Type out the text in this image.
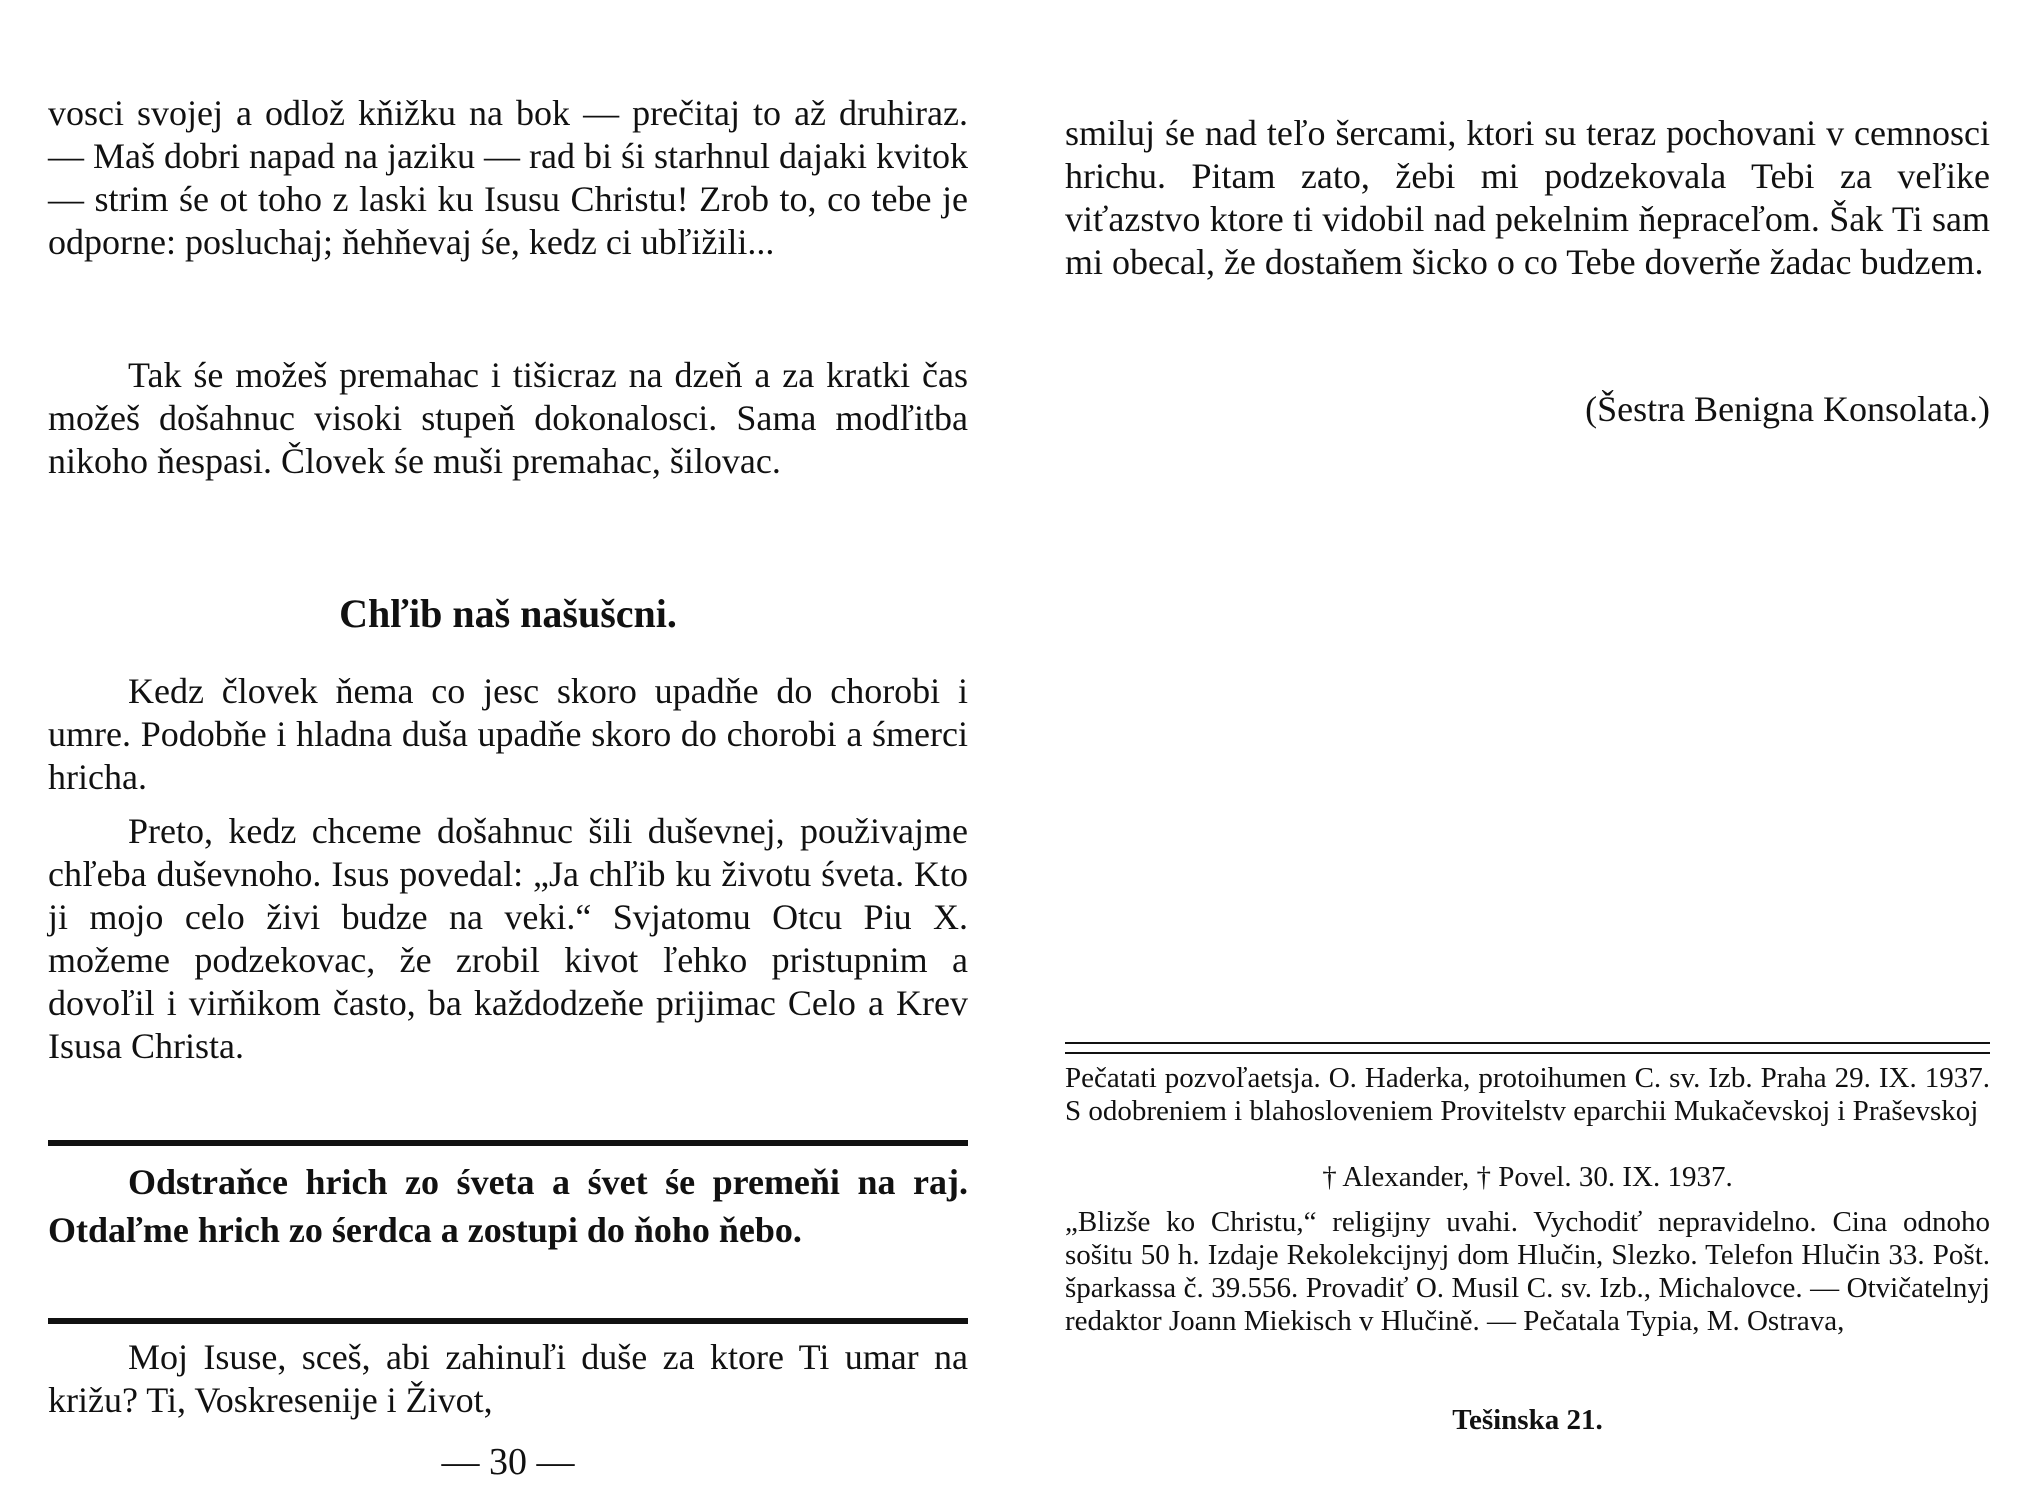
vosci svojej a odlož kňižku na bok — prečitaj to až druhiraz. — Maš dobri napad na jaziku — rad bi śi starhnul dajaki kvitok — strim śe ot toho z laski ku Isusu Christu! Zrob to, co tebe je odporne: posluchaj; ňehňevaj śe, kedz ci ubľižili...

Tak śe možeš premahac i tišicraz na dzeň a za kratki čas možeš došahnuc visoki stupeň dokonalosci. Sama modľitba nikoho ňespasi. Človek śe muši premahac, šilovac.

Chľib naš našušcni.

Kedz človek ňema co jesc skoro upadňe do chorobi i umre. Podobňe i hladna duša upadňe skoro do chorobi a śmerci hricha.

Preto, kedz chceme došahnuc šili duševnej, použivajme chľeba duševnoho. Isus povedal: „Ja chľib ku životu śveta. Kto ji mojo celo živi budze na veki.“ Svjatomu Otcu Piu X. možeme podzekovac, že zrobil kivot ľehko pristupnim a dovoľil i virňikom často, ba každodzeňe prijimac Celo a Krev Isusa Christa.

Odstraňce hrich zo śveta a śvet śe premeňi na raj. Otdaľme hrich zo śerdca a zostupi do ňoho ňebo.

Moj Isuse, sceš, abi zahinuľi duše za ktore Ti umar na križu? Ti, Voskresenije i Život,

— 30 —

smiluj śe nad teľo šercami, ktori su teraz pochovani v cemnosci hrichu. Pitam zato, žebi mi podzekovala Tebi za veľike viťazstvo ktore ti vidobil nad pekelnim ňepraceľom. Šak Ti sam mi obecal, že dostaňem šicko o co Tebe doverňe žadac budzem.

(Šestra Benigna Konsolata.)

Pečatati pozvoľaetsja. O. Haderka, protoihumen C. sv. Izb. Praha 29. IX. 1937. S odobreniem i blahosloveniem Provitelstv eparchii Mukačevskoj i Praševskoj

† Alexander, † Povel. 30. IX. 1937.

„Blizše ko Christu,“ religijny uvahi. Vychodiť nepravidelno. Cina odnoho sošitu 50 h. Izdaje Rekolekcijnyj dom Hlučin, Slezko. Telefon Hlučin 33. Pošt. šparkassa č. 39.556. Provadiť O. Musil C. sv. Izb., Michalovce. — Otvičatelnyj redaktor Joann Miekisch v Hlučině. — Pečatala Typia, M. Ostrava,

Tešinska 21.
